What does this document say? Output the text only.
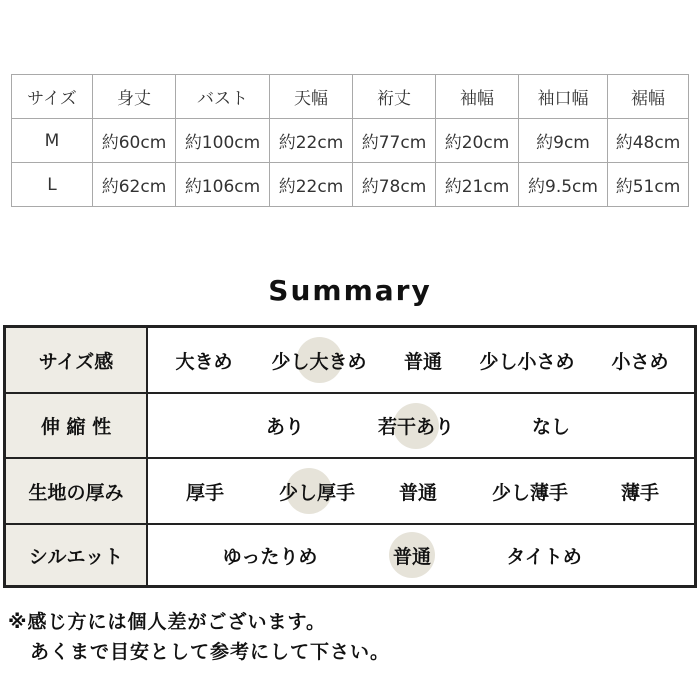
サイズ	身丈	バスト	天幅	裄丈	袖幅	袖口幅	裾幅
M	約60cm	約100cm	約22cm	約77cm	約20cm	約9cm	約48cm
L	約62cm	約106cm	約22cm	約78cm	約21cm	約9.5cm	約51cm
Summary
サイズ感	大きめ 少し大きめ 普通 少し小さめ 小さめ
伸 縮 性	あり	若干あり	なし
生地の厚み	厚手	少し厚手 普通	少し薄手	薄手
シルエット	ゆったりめ	普通	タイトめ
※感じ方には個人差がございます。
あくまで目安として参考にして下さい。
